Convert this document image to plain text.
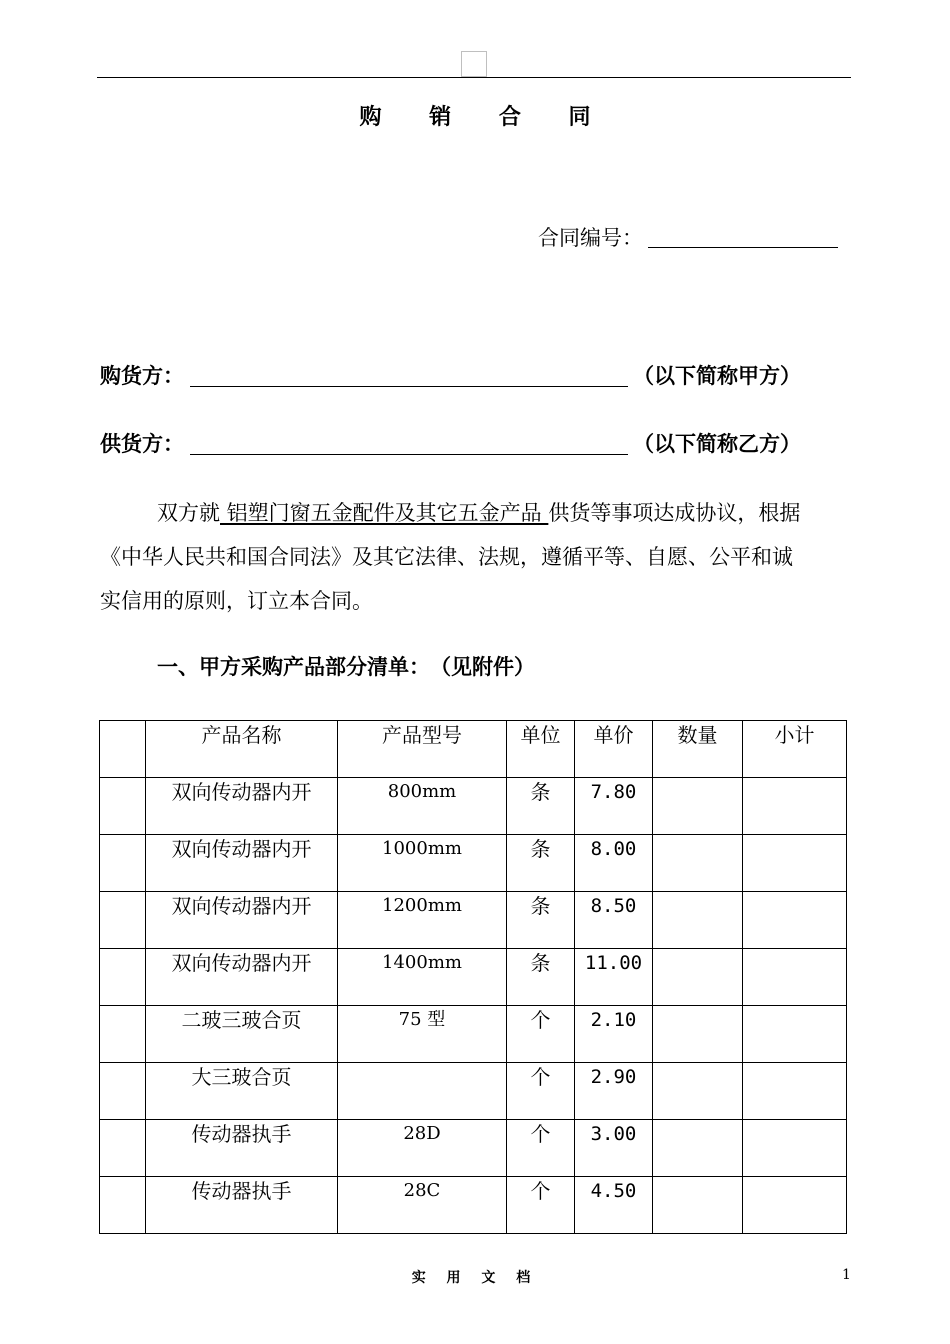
购 销 合 同
合同编号：
购货方：	（以下简称甲方）
供货方：	（以下简称乙方）
双方就 铝塑门窗五金配件及其它五金产品 供货等事项达成协议，根据
《中华人民共和国合同法》及其它法律、法规，遵循平等、自愿、公平和诚
实信用的原则，订立本合同。
一、甲方采购产品部分清单：　（见附件）
	产品名称	产品型号	单位	单价	数量	小计
	双向传动器内开	800mm	条	7.80		
	双向传动器内开	1000mm	条	8.00		
	双向传动器内开	1200mm	条	8.50		
	双向传动器内开	1400mm	条	11.00		
	二玻三玻合页	75 型	个	2.10		
	大三玻合页		个	2.90		
	传动器执手	28D	个	3.00		
	传动器执手	28C	个	4.50		
实 用 文 档	1
